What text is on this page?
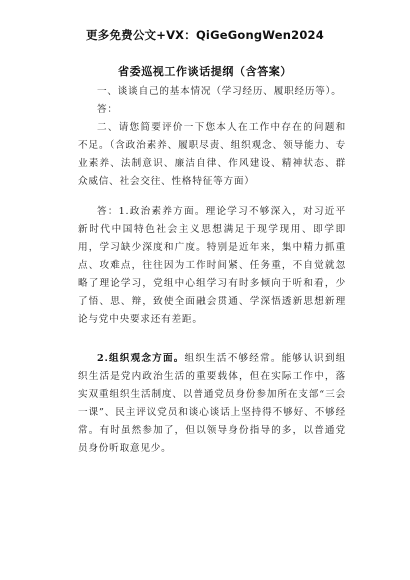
更多免费公文+VX：QiGeGongWen2024
省委巡视工作谈话提纲（含答案）

一、谈谈自己的基本情况（学习经历、履职经历等）。

答：

二、请您简要评价一下您本人在工作中存在的问题和不足。（含政治素养、履职尽责、组织观念、领导能力、专业素养、法制意识、廉洁自律、作风建设、精神状态、群众威信、社会交往、性格特征等方面）

答：1.政治素养方面。理论学习不够深入，对习近平新时代中国特色社会主义思想满足于现学现用、即学即用，学习缺少深度和广度。特别是近年来，集中精力抓重点、攻难点，往往因为工作时间紧、任务重，不自觉就忽略了理论学习，党组中心组学习有时多倾向于听和看，少了悟、思、辩，致使全面融会贯通、学深悟透新思想新理论与党中央要求还有差距。

2.组织观念方面。组织生活不够经常。能够认识到组织生活是党内政治生活的重要载体，但在实际工作中，落实双重组织生活制度、以普通党员身份参加所在支部“三会一课”、民主评议党员和谈心谈话上坚持得不够好、不够经常。有时虽然参加了，但以领导身份指导的多，以普通党员身份听取意见少。
